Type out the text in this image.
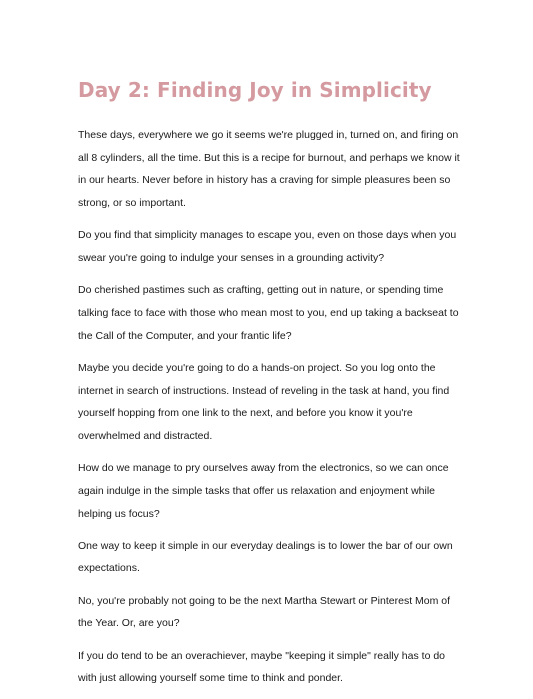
Day 2: Finding Joy in Simplicity

These days, everywhere we go it seems we're plugged in, turned on, and firing on all 8 cylinders, all the time. But this is a recipe for burnout, and perhaps we know it in our hearts. Never before in history has a craving for simple pleasures been so strong, or so important.

Do you find that simplicity manages to escape you, even on those days when you swear you're going to indulge your senses in a grounding activity?

Do cherished pastimes such as crafting, getting out in nature, or spending time talking face to face with those who mean most to you, end up taking a backseat to the Call of the Computer, and your frantic life?

Maybe you decide you're going to do a hands-on project. So you log onto the internet in search of instructions. Instead of reveling in the task at hand, you find yourself hopping from one link to the next, and before you know it you're overwhelmed and distracted.

How do we manage to pry ourselves away from the electronics, so we can once again indulge in the simple tasks that offer us relaxation and enjoyment while helping us focus?

One way to keep it simple in our everyday dealings is to lower the bar of our own expectations.

No, you're probably not going to be the next Martha Stewart or Pinterest Mom of the Year. Or, are you?

If you do tend to be an overachiever, maybe "keeping it simple" really has to do with just allowing yourself some time to think and ponder.
